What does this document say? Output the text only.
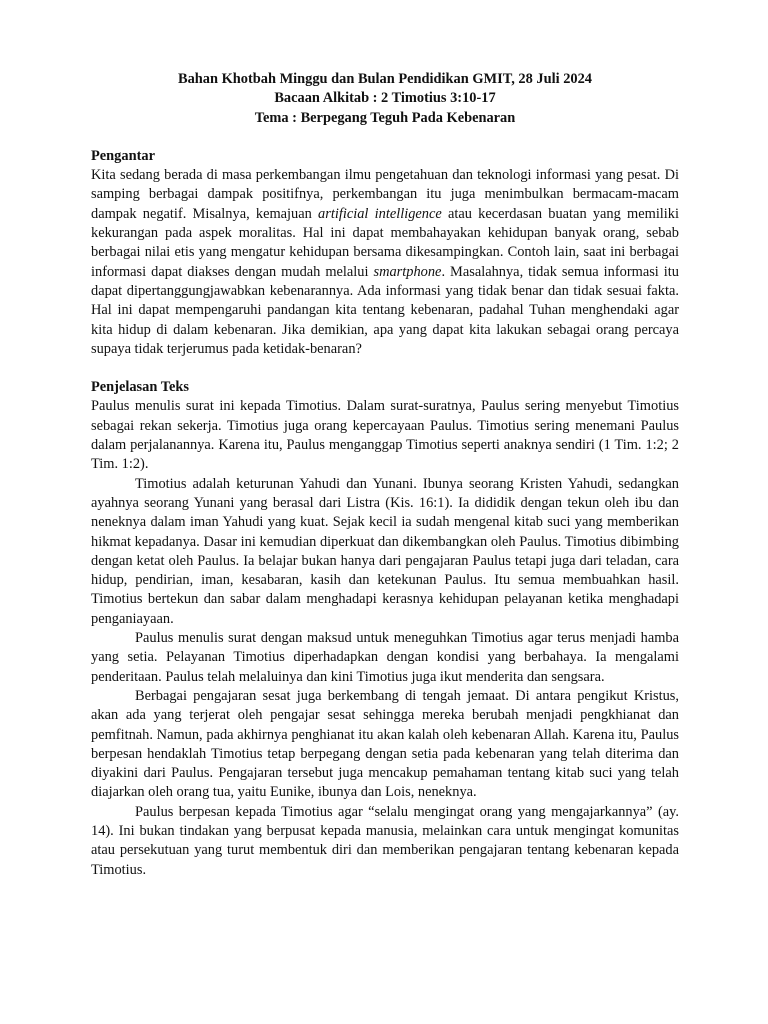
Bahan Khotbah Minggu dan Bulan Pendidikan GMIT, 28 Juli 2024
Bacaan Alkitab : 2 Timotius 3:10-17
Tema : Berpegang Teguh Pada Kebenaran
Pengantar

Kita sedang berada di masa perkembangan ilmu pengetahuan dan teknologi informasi yang pesat. Di samping berbagai dampak positifnya, perkembangan itu juga menimbulkan bermacam-macam dampak negatif. Misalnya, kemajuan artificial intelligence atau kecerdasan buatan yang memiliki kekurangan pada aspek moralitas. Hal ini dapat membahayakan kehidupan banyak orang, sebab berbagai nilai etis yang mengatur kehidupan bersama dikesampingkan. Contoh lain, saat ini berbagai informasi dapat diakses dengan mudah melalui smartphone. Masalahnya, tidak semua informasi itu dapat dipertanggungjawabkan kebenarannya. Ada informasi yang tidak benar dan tidak sesuai fakta. Hal ini dapat mempengaruhi pandangan kita tentang kebenaran, padahal Tuhan menghendaki agar kita hidup di dalam kebenaran. Jika demikian, apa yang dapat kita lakukan sebagai orang percaya supaya tidak terjerumus pada ketidak-benaran?

Penjelasan Teks

Paulus menulis surat ini kepada Timotius. Dalam surat-suratnya, Paulus sering menyebut Timotius sebagai rekan sekerja. Timotius juga orang kepercayaan Paulus. Timotius sering menemani Paulus dalam perjalanannya. Karena itu, Paulus menganggap Timotius seperti anaknya sendiri (1 Tim. 1:2; 2 Tim. 1:2).

Timotius adalah keturunan Yahudi dan Yunani. Ibunya seorang Kristen Yahudi, sedangkan ayahnya seorang Yunani yang berasal dari Listra (Kis. 16:1). Ia dididik dengan tekun oleh ibu dan neneknya dalam iman Yahudi yang kuat. Sejak kecil ia sudah mengenal kitab suci yang memberikan hikmat kepadanya. Dasar ini kemudian diperkuat dan dikembangkan oleh Paulus. Timotius dibimbing dengan ketat oleh Paulus. Ia belajar bukan hanya dari pengajaran Paulus tetapi juga dari teladan, cara hidup, pendirian, iman, kesabaran, kasih dan ketekunan Paulus. Itu semua membuahkan hasil. Timotius bertekun dan sabar dalam menghadapi kerasnya kehidupan pelayanan ketika menghadapi penganiayaan.

Paulus menulis surat dengan maksud untuk meneguhkan Timotius agar terus menjadi hamba yang setia. Pelayanan Timotius diperhadapkan dengan kondisi yang berbahaya. Ia mengalami penderitaan. Paulus telah melaluinya dan kini Timotius juga ikut menderita dan sengsara.

Berbagai pengajaran sesat juga berkembang di tengah jemaat. Di antara pengikut Kristus, akan ada yang terjerat oleh pengajar sesat sehingga mereka berubah menjadi pengkhianat dan pemfitnah. Namun, pada akhirnya penghianat itu akan kalah oleh kebenaran Allah. Karena itu, Paulus berpesan hendaklah Timotius tetap berpegang dengan setia pada kebenaran yang telah diterima dan diyakini dari Paulus. Pengajaran tersebut juga mencakup pemahaman tentang kitab suci yang telah diajarkan oleh orang tua, yaitu Eunike, ibunya dan Lois, neneknya.

Paulus berpesan kepada Timotius agar “selalu mengingat orang yang mengajarkannya” (ay. 14). Ini bukan tindakan yang berpusat kepada manusia, melainkan cara untuk mengingat komunitas atau persekutuan yang turut membentuk diri dan memberikan pengajaran tentang kebenaran kepada Timotius.
